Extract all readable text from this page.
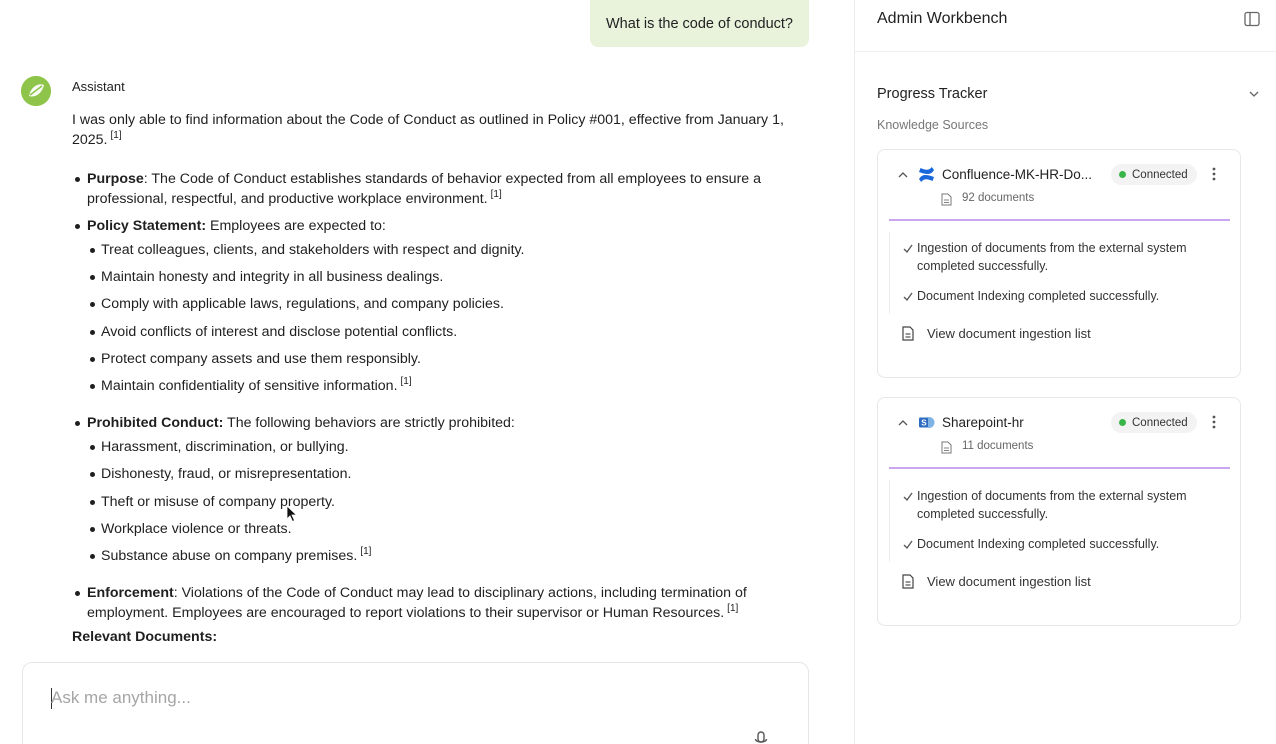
What is the code of conduct?
Assistant

I was only able to find information about the Code of Conduct as outlined in Policy #001, effective from January 1, 2025. [1]

Purpose: The Code of Conduct establishes standards of behavior expected from all employees to ensure a professional, respectful, and productive workplace environment. [1]
Policy Statement: Employees are expected to:
Treat colleagues, clients, and stakeholders with respect and dignity.
Maintain honesty and integrity in all business dealings.
Comply with applicable laws, regulations, and company policies.
Avoid conflicts of interest and disclose potential conflicts.
Protect company assets and use them responsibly.
Maintain confidentiality of sensitive information. [1]
Prohibited Conduct: The following behaviors are strictly prohibited:
Harassment, discrimination, or bullying.
Dishonesty, fraud, or misrepresentation.
Theft or misuse of company property.
Workplace violence or threats.
Substance abuse on company premises. [1]
Enforcement: Violations of the Code of Conduct may lead to disciplinary actions, including termination of employment. Employees are encouraged to report violations to their supervisor or Human Resources. [1]
Relevant Documents:
Ask me anything...
Admin Workbench
Progress Tracker
Knowledge Sources
Confluence-MK-HR-Do...	Connected
92 documents
Ingestion of documents from the external system completed successfully.
Document Indexing completed successfully.
View document ingestion list
S Sharepoint-hr	Connected
11 documents
Ingestion of documents from the external system completed successfully.
Document Indexing completed successfully.
View document ingestion list
